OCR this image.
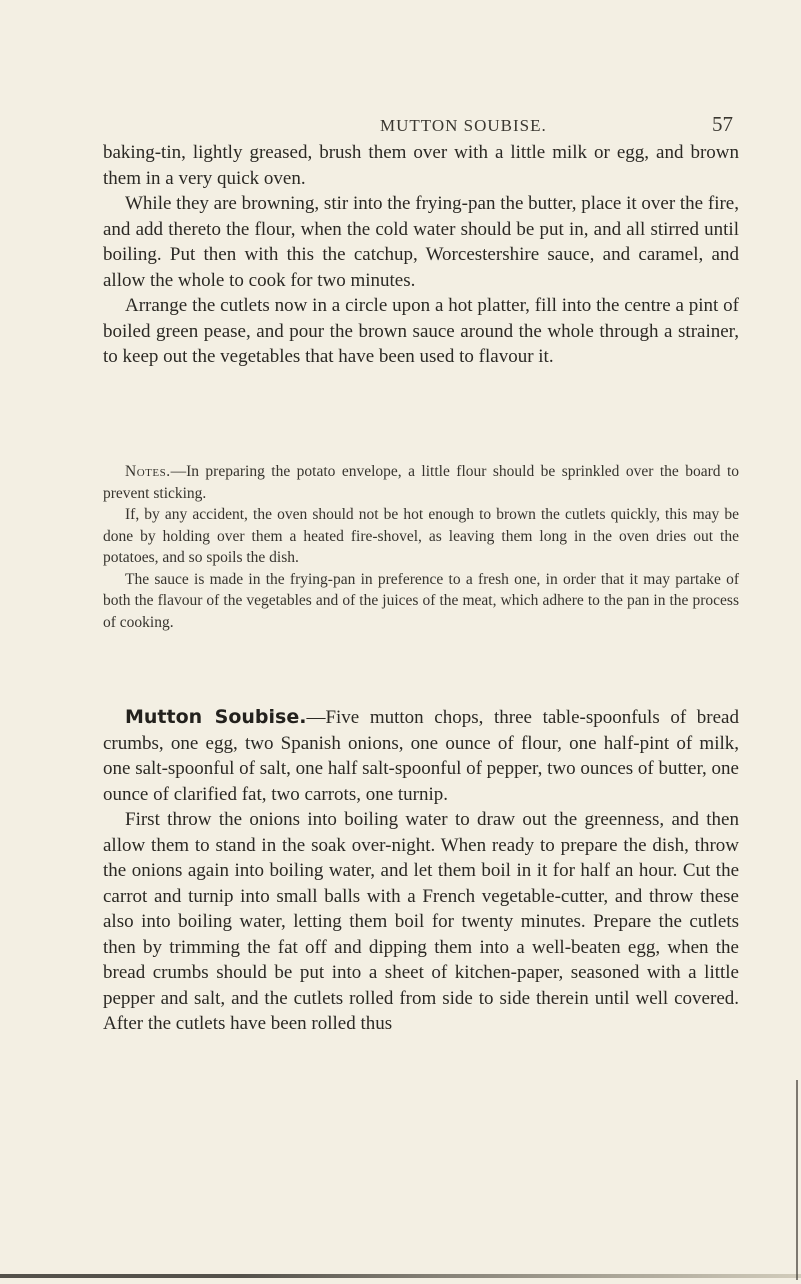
MUTTON SOUBISE.	57

baking-tin, lightly greased, brush them over with a little milk or egg, and brown them in a very quick oven.

While they are browning, stir into the frying-pan the butter, place it over the fire, and add thereto the flour, when the cold water should be put in, and all stirred until boiling. Put then with this the catchup, Worcestershire sauce, and caramel, and allow the whole to cook for two minutes.

Arrange the cutlets now in a circle upon a hot platter, fill into the centre a pint of boiled green pease, and pour the brown sauce around the whole through a strainer, to keep out the vegetables that have been used to flavour it.

Notes.—In preparing the potato envelope, a little flour should be sprinkled over the board to prevent sticking.

If, by any accident, the oven should not be hot enough to brown the cutlets quickly, this may be done by holding over them a heated fire-shovel, as leaving them long in the oven dries out the potatoes, and so spoils the dish.

The sauce is made in the frying-pan in preference to a fresh one, in order that it may partake of both the flavour of the vegetables and of the juices of the meat, which adhere to the pan in the process of cooking.

Mutton Soubise.—Five mutton chops, three table-spoonfuls of bread crumbs, one egg, two Spanish onions, one ounce of flour, one half-pint of milk, one salt-spoonful of salt, one half salt-spoonful of pepper, two ounces of butter, one ounce of clarified fat, two carrots, one turnip.

First throw the onions into boiling water to draw out the greenness, and then allow them to stand in the soak over-night. When ready to prepare the dish, throw the onions again into boiling water, and let them boil in it for half an hour. Cut the carrot and turnip into small balls with a French vegetable-cutter, and throw these also into boiling water, letting them boil for twenty minutes. Prepare the cutlets then by trimming the fat off and dipping them into a well-beaten egg, when the bread crumbs should be put into a sheet of kitchen-paper, seasoned with a little pepper and salt, and the cutlets rolled from side to side therein until well covered. After the cutlets have been rolled thus
